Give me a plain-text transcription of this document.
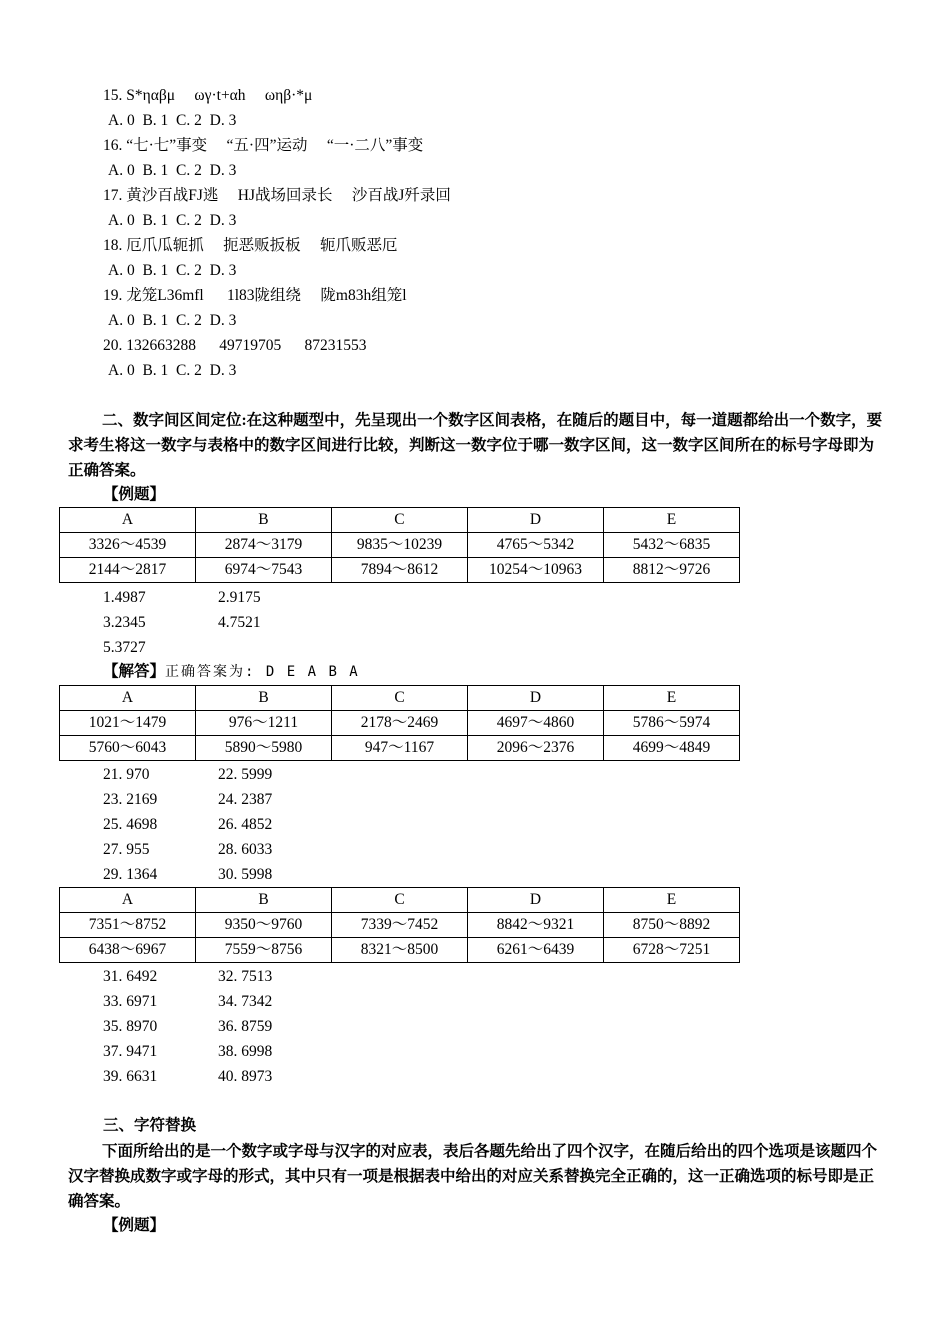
15. S*ηαβμ     ωγ·t+αh     ωηβ·*μ
A. 0  B. 1  C. 2  D. 3
16. “七·七”事变     “五·四”运动     “一·二八”事变
A. 0  B. 1  C. 2  D. 3
17. 黄沙百战FJ逃     HJ战场回录长     沙百战J歼录回
A. 0  B. 1  C. 2  D. 3
18. 厄爪瓜轭抓     扼恶贩扳板     轭爪贩恶厄
A. 0  B. 1  C. 2  D. 3
19. 龙笼L36mfl      1l83陇组绕     陇m83h组笼l
A. 0  B. 1  C. 2  D. 3
20. 132663288      49719705      87231553
A. 0  B. 1  C. 2  D. 3
二、数字间区间定位:在这种题型中，先呈现出一个数字区间表格，在随后的题目中，每一道题都给出一个数字，要求考生将这一数字与表格中的数字区间进行比较，判断这一数字位于哪一数字区间，这一数字区间所在的标号字母即为正确答案。
【例题】
A	B	C	D	E
3326～4539	2874～3179	9835～10239	4765～5342	5432～6835
2144～2817	6974～7543	7894～8612	10254～10963	8812～9726
1.4987	2.9175
3.2345	4.7521
5.3727
【解答】正确答案为: D E A B A
A	B	C	D	E
1021～1479	976～1211	2178～2469	4697～4860	5786～5974
5760～6043	5890～5980	947～1167	2096～2376	4699～4849
21. 970	22. 5999
23. 2169	24. 2387
25. 4698	26. 4852
27. 955	28. 6033
29. 1364	30. 5998
A	B	C	D	E
7351～8752	9350～9760	7339～7452	8842～9321	8750～8892
6438～6967	7559～8756	8321～8500	6261～6439	6728～7251
31. 6492	32. 7513
33. 6971	34. 7342
35. 8970	36. 8759
37. 9471	38. 6998
39. 6631	40. 8973
三、字符替换
下面所给出的是一个数字或字母与汉字的对应表，表后各题先给出了四个汉字，在随后给出的四个选项是该题四个汉字替换成数字或字母的形式，其中只有一项是根据表中给出的对应关系替换完全正确的，这一正确选项的标号即是正确答案。
【例题】
